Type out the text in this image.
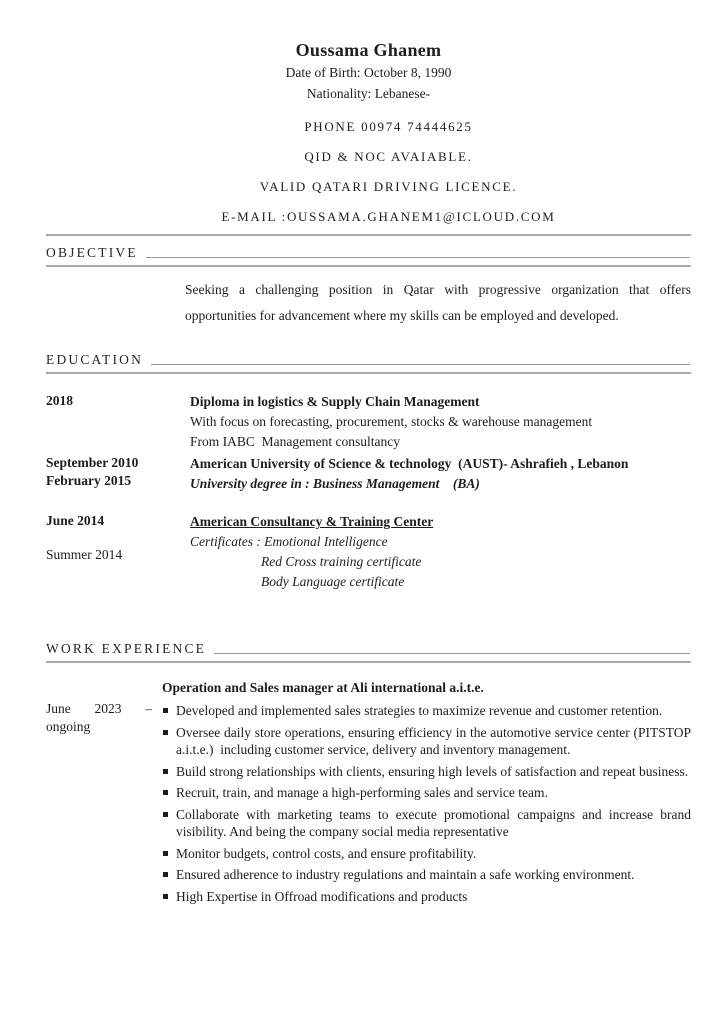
Oussama Ghanem
Date of Birth: October 8, 1990
Nationality: Lebanese-
PHONE 00974 74444625
QID & NOC AVAIABLE.
VALID QATARI DRIVING LICENCE.
E-MAIL :OUSSAMA.GHANEM1@ICLOUD.COM
OBJECTIVE

Seeking a challenging position in Qatar with progressive organization that offers opportunities for advancement where my skills can be employed and developed.

EDUCATION
2018	Diploma in logistics & Supply Chain Management
With focus on forecasting, procurement, stocks & warehouse management
From IABC  Management consultancy
September 2010
February 2015
American University of Science & technology  (AUST)- Ashrafieh , Lebanon
University degree in : Business Management    (BA)
June 2014
Summer 2014
American Consultancy & Training Center
Certificates : Emotional Intelligence
Red Cross training certificate
Body Language certificate
WORK EXPERIENCE
June 2023 –
ongoing
Operation and Sales manager at Ali international a.i.t.e.
Developed and implemented sales strategies to maximize revenue and customer retention.
Oversee daily store operations, ensuring efficiency in the automotive service center (PITSTOP a.i.t.e.)  including customer service, delivery and inventory management.
Build strong relationships with clients, ensuring high levels of satisfaction and repeat business.
Recruit, train, and manage a high-performing sales and service team.
Collaborate with marketing teams to execute promotional campaigns and increase brand visibility. And being the company social media representative
Monitor budgets, control costs, and ensure profitability.
Ensured adherence to industry regulations and maintain a safe working environment.
High Expertise in Offroad modifications and products
